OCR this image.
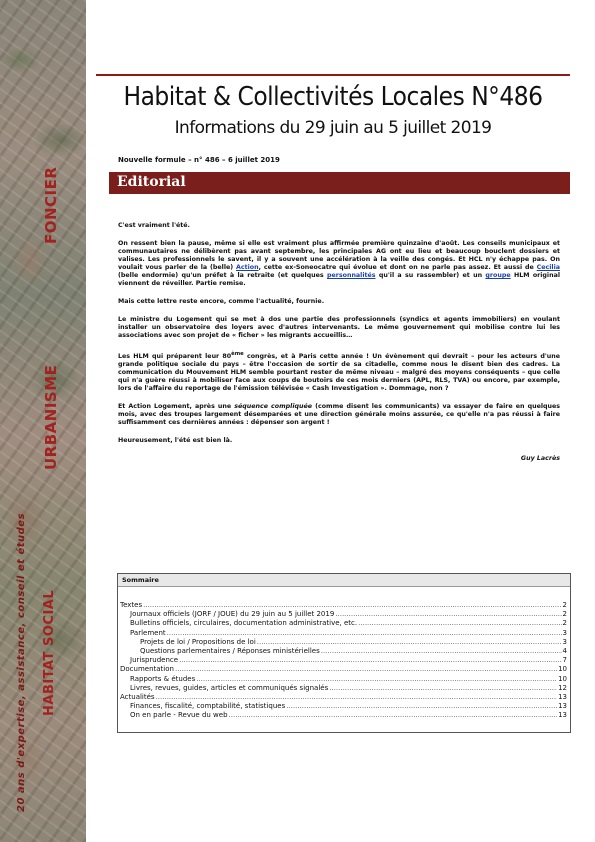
FONCIER
URBANISME
HABITAT SOCIAL
20 ans d'expertise, assistance, conseil et études
Habitat & Collectivités Locales N°486
Informations du 29 juin au 5 juillet 2019
Nouvelle formule – n° 486 – 6 juillet 2019
Editorial

C'est vraiment l'été.

On ressent bien la pause, même si elle est vraiment plus affirmée première quinzaine d'août. Les conseils municipaux et communautaires ne délibèrent pas avant septembre, les principales AG ont eu lieu et beaucoup bouclent dossiers et valises. Les professionnels le savent, il y a souvent une accélération à la veille des congés. Et HCL n'y échappe pas. On voulait vous parler de la (belle) Action, cette ex-Soneocatre qui évolue et dont on ne parle pas assez. Et aussi de Cecilia (belle endormie) qu'un préfet à la retraite (et quelques personnalités qu'il a su rassembler) et un groupe HLM original viennent de réveiller. Partie remise.

Mais cette lettre reste encore, comme l'actualité, fournie.

Le ministre du Logement qui se met à dos une partie des professionnels (syndics et agents immobiliers) en voulant installer un observatoire des loyers avec d'autres intervenants. Le même gouvernement qui mobilise contre lui les associations avec son projet de « ficher » les migrants accueillis…

Les HLM qui préparent leur 80ème congrès, et à Paris cette année ! Un évènement qui devrait – pour les acteurs d'une grande politique sociale du pays – être l'occasion de sortir de sa citadelle, comme nous le disent bien des cadres. La communication du Mouvement HLM semble pourtant rester de même niveau – malgré des moyens conséquents – que celle qui n'a guère réussi à mobiliser face aux coups de boutoirs de ces mois derniers (APL, RLS, TVA) ou encore, par exemple, lors de l'affaire du reportage de l'émission télévisée « Cash Investigation ». Dommage, non ?

Et Action Logement, après une séquence compliquée (comme disent les communicants) va essayer de faire en quelques mois, avec des troupes largement désemparées et une direction générale moins assurée, ce qu'elle n'a pas réussi à faire suffisamment ces dernières années : dépenser son argent !

Heureusement, l'été est bien là.

Guy Lacrès

Sommaire
Textes .....	2
Journaux officiels (JORF / JOUE) du 29 juin au 5 juillet 2019 .....	2
Bulletins officiels, circulaires, documentation administrative, etc. .....	2
Parlement .....	3
Projets de loi / Propositions de loi .....	3
Questions parlementaires / Réponses ministérielles .....	4
Jurisprudence .....	7
Documentation .....	10
Rapports & études .....	10
Livres, revues, guides, articles et communiqués signalés .....	12
Actualités .....	13
Finances, fiscalité, comptabilité, statistiques .....	13
On en parle - Revue du web .....	13
